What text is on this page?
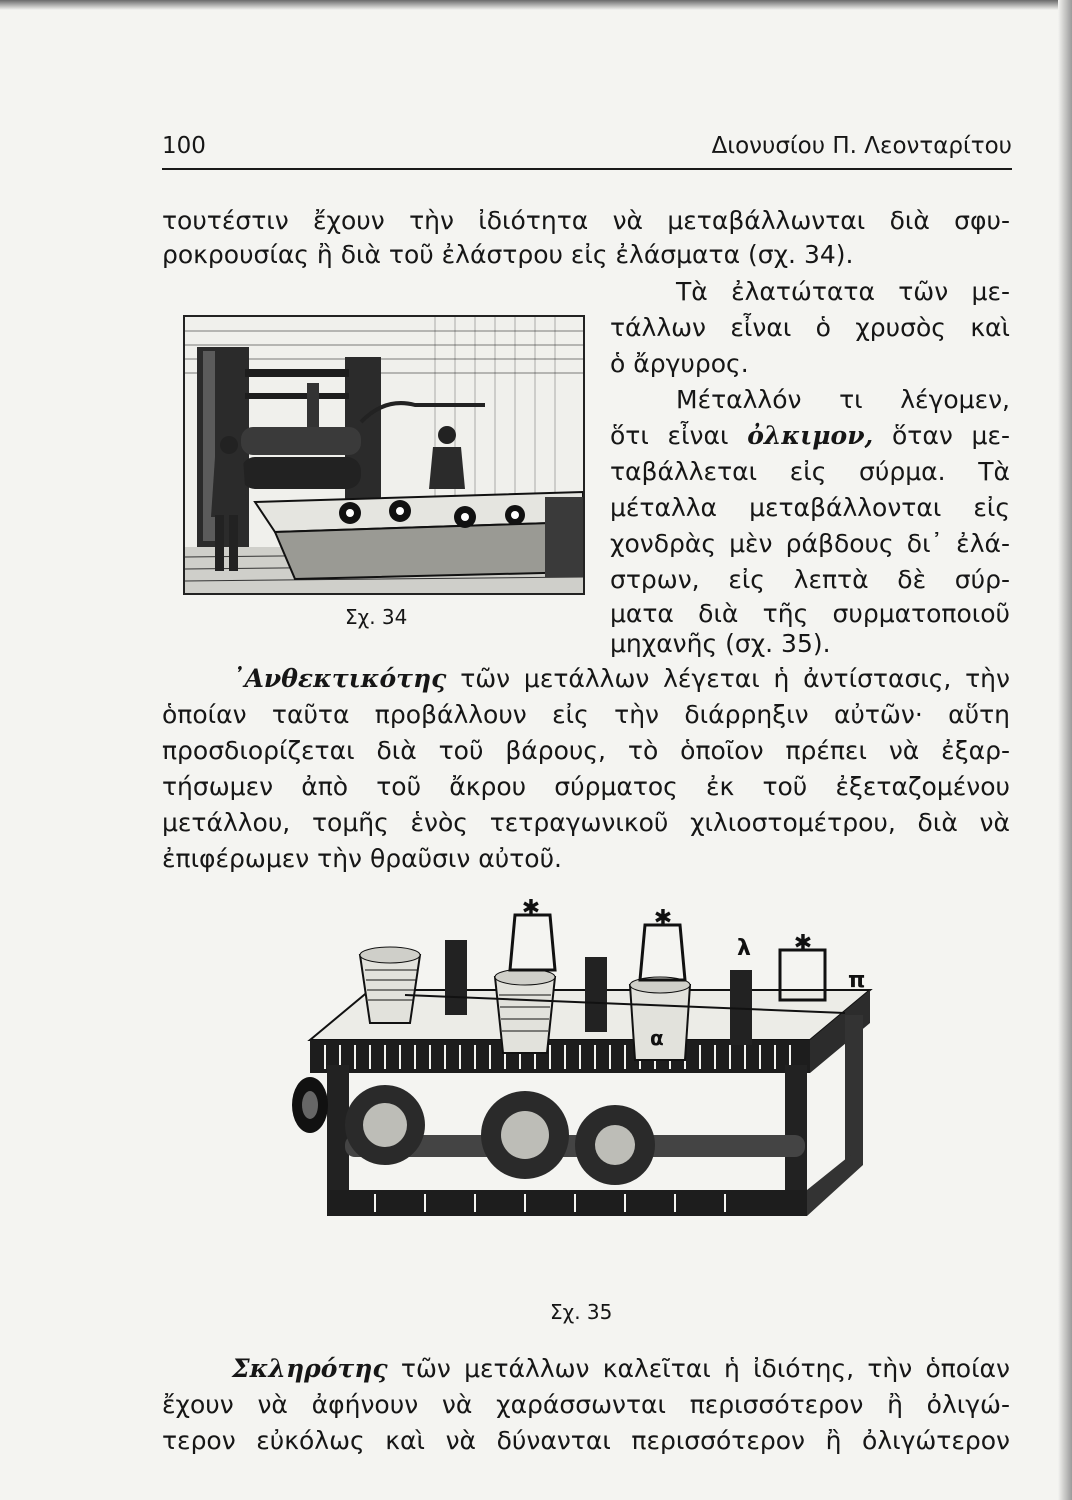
100	Διονυσίου Π. Λεονταρίτου
τουτέστιν ἔχουν τὴν ἰδιότητα νὰ μεταβάλλωνται διὰ σφυ-
ροκρουσίας ἢ διὰ τοῦ ἐλάστρου εἰς ἐλάσματα (σχ. 34).
Τὰ ἐλατώτατα τῶν με-
τάλλων εἶναι ὁ χρυσὸς καὶ
ὁ ἄργυρος.
Μέταλλόν τι λέγομεν,
ὅτι εἶναι ὀλκιμον, ὅταν με-
ταβάλλεται εἰς σύρμα. Τὰ
μέταλλα μεταβάλλονται εἰς
χονδρὰς μὲν ράβδους δι᾽ ἐλά-
στρων, εἰς λεπτὰ δὲ σύρ-
ματα διὰ τῆς συρματοποιοῦ
μηχανῆς (σχ. 35).
Σχ. 34
᾿Ανθεκτικότης τῶν μετάλλων λέγεται ἡ ἀντίστασις, τὴν
ὁποίαν ταῦτα προβάλλουν εἰς τὴν διάρρηξιν αὐτῶν· αὕτη
προσδιορίζεται διὰ τοῦ βάρους, τὸ ὁποῖον πρέπει νὰ ἐξαρ-
τήσωμεν ἀπὸ τοῦ ἄκρου σύρματος ἐκ τοῦ ἐξεταζομένου
μετάλλου, τομῆς ἑνὸς τετραγωνικοῦ χιλιοστομέτρου, διὰ νὰ
ἐπιφέρωμεν τὴν θραῦσιν αὐτοῦ.
✱	✱
✱
α
λ
π
Σχ. 35
Σκληρότης τῶν μετάλλων καλεῖται ἡ ἰδιότης, τὴν ὁποίαν
ἔχουν νὰ ἀφήνουν νὰ χαράσσωνται περισσότερον ἢ ὀλιγώ-
τερον εὐκόλως καὶ νὰ δύνανται περισσότερον ἢ ὀλιγώτερον
